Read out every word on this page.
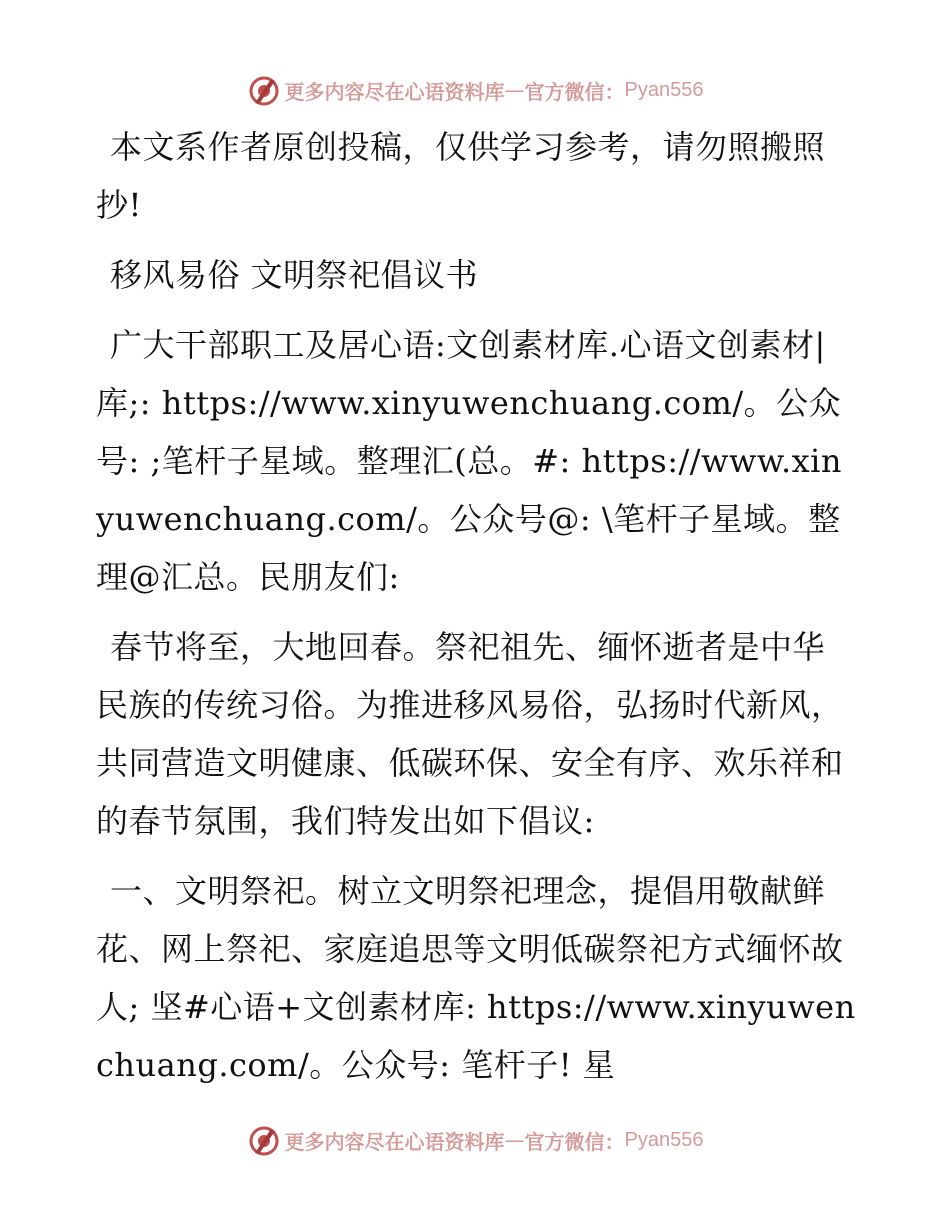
更多内容尽在心语资料库 — 官方微信： Pyan556

本文系作者原创投稿，仅供学习参考，请勿照搬照抄!

移风易俗 文明祭祀倡议书

广大干部职工及居心语:文创素材库.心语文创素材|库;: https://www.xinyuwenchuang.com/。公众号: ;笔杆子星域。整理汇(总。#: https://www.xinyuwenchuang.com/。公众号@: \笔杆子星域。整理@汇总。民朋友们:

春节将至，大地回春。祭祀祖先、缅怀逝者是中华民族的传统习俗。为推进移风易俗，弘扬时代新风，共同营造文明健康、低碳环保、安全有序、欢乐祥和的春节氛围，我们特发出如下倡议:

一、文明祭祀。树立文明祭祀理念，提倡用敬献鲜花、网上祭祀、家庭追思等文明低碳祭祀方式缅怀故人; 坚#心语+文创素材库: https://www.xinyuwenchuang.com/。公众号: 笔杆子! 星

更多内容尽在心语资料库 — 官方微信： Pyan556
